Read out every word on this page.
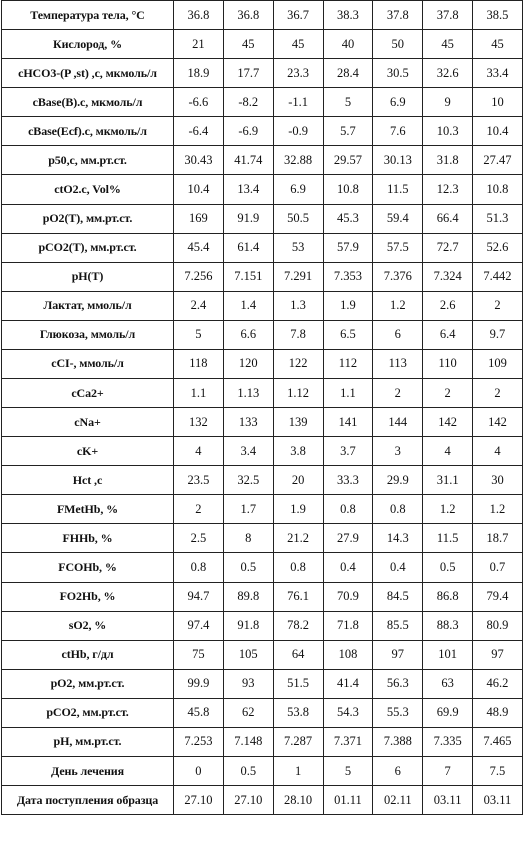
Температура тела, °С	36.8	36.8	36.7	38.3	37.8	37.8	38.5
Кислород, %	21	45	45	40	50	45	45
cHCO3-(P ,st) ,c, мкмоль/л	18.9	17.7	23.3	28.4	30.5	32.6	33.4
cBase(B).c, мкмоль/л	-6.6	-8.2	-1.1	5	6.9	9	10
cBase(Ecf).c, мкмоль/л	-6.4	-6.9	-0.9	5.7	7.6	10.3	10.4
p50,c, мм.рт.ст.	30.43	41.74	32.88	29.57	30.13	31.8	27.47
ctO2.c, Vol%	10.4	13.4	6.9	10.8	11.5	12.3	10.8
pO2(T), мм.рт.ст.	169	91.9	50.5	45.3	59.4	66.4	51.3
pCO2(T), мм.рт.ст.	45.4	61.4	53	57.9	57.5	72.7	52.6
pH(T)	7.256	7.151	7.291	7.353	7.376	7.324	7.442
Лактат, ммоль/л	2.4	1.4	1.3	1.9	1.2	2.6	2
Глюкоза, ммоль/л	5	6.6	7.8	6.5	6	6.4	9.7
cCI-, ммоль/л	118	120	122	112	113	110	109
cCa2+	1.1	1.13	1.12	1.1	2	2	2
cNa+	132	133	139	141	144	142	142
cK+	4	3.4	3.8	3.7	3	4	4
Hct ,c	23.5	32.5	20	33.3	29.9	31.1	30
FMetHb, %	2	1.7	1.9	0.8	0.8	1.2	1.2
FHHb, %	2.5	8	21.2	27.9	14.3	11.5	18.7
FCOHb, %	0.8	0.5	0.8	0.4	0.4	0.5	0.7
FO2Hb, %	94.7	89.8	76.1	70.9	84.5	86.8	79.4
sO2, %	97.4	91.8	78.2	71.8	85.5	88.3	80.9
ctHb, г/дл	75	105	64	108	97	101	97
pO2, мм.рт.ст.	99.9	93	51.5	41.4	56.3	63	46.2
pCO2, мм.рт.ст.	45.8	62	53.8	54.3	55.3	69.9	48.9
pH, мм.рт.ст.	7.253	7.148	7.287	7.371	7.388	7.335	7.465
День лечения	0	0.5	1	5	6	7	7.5
Дата поступления образца	27.10	27.10	28.10	01.11	02.11	03.11	03.11
